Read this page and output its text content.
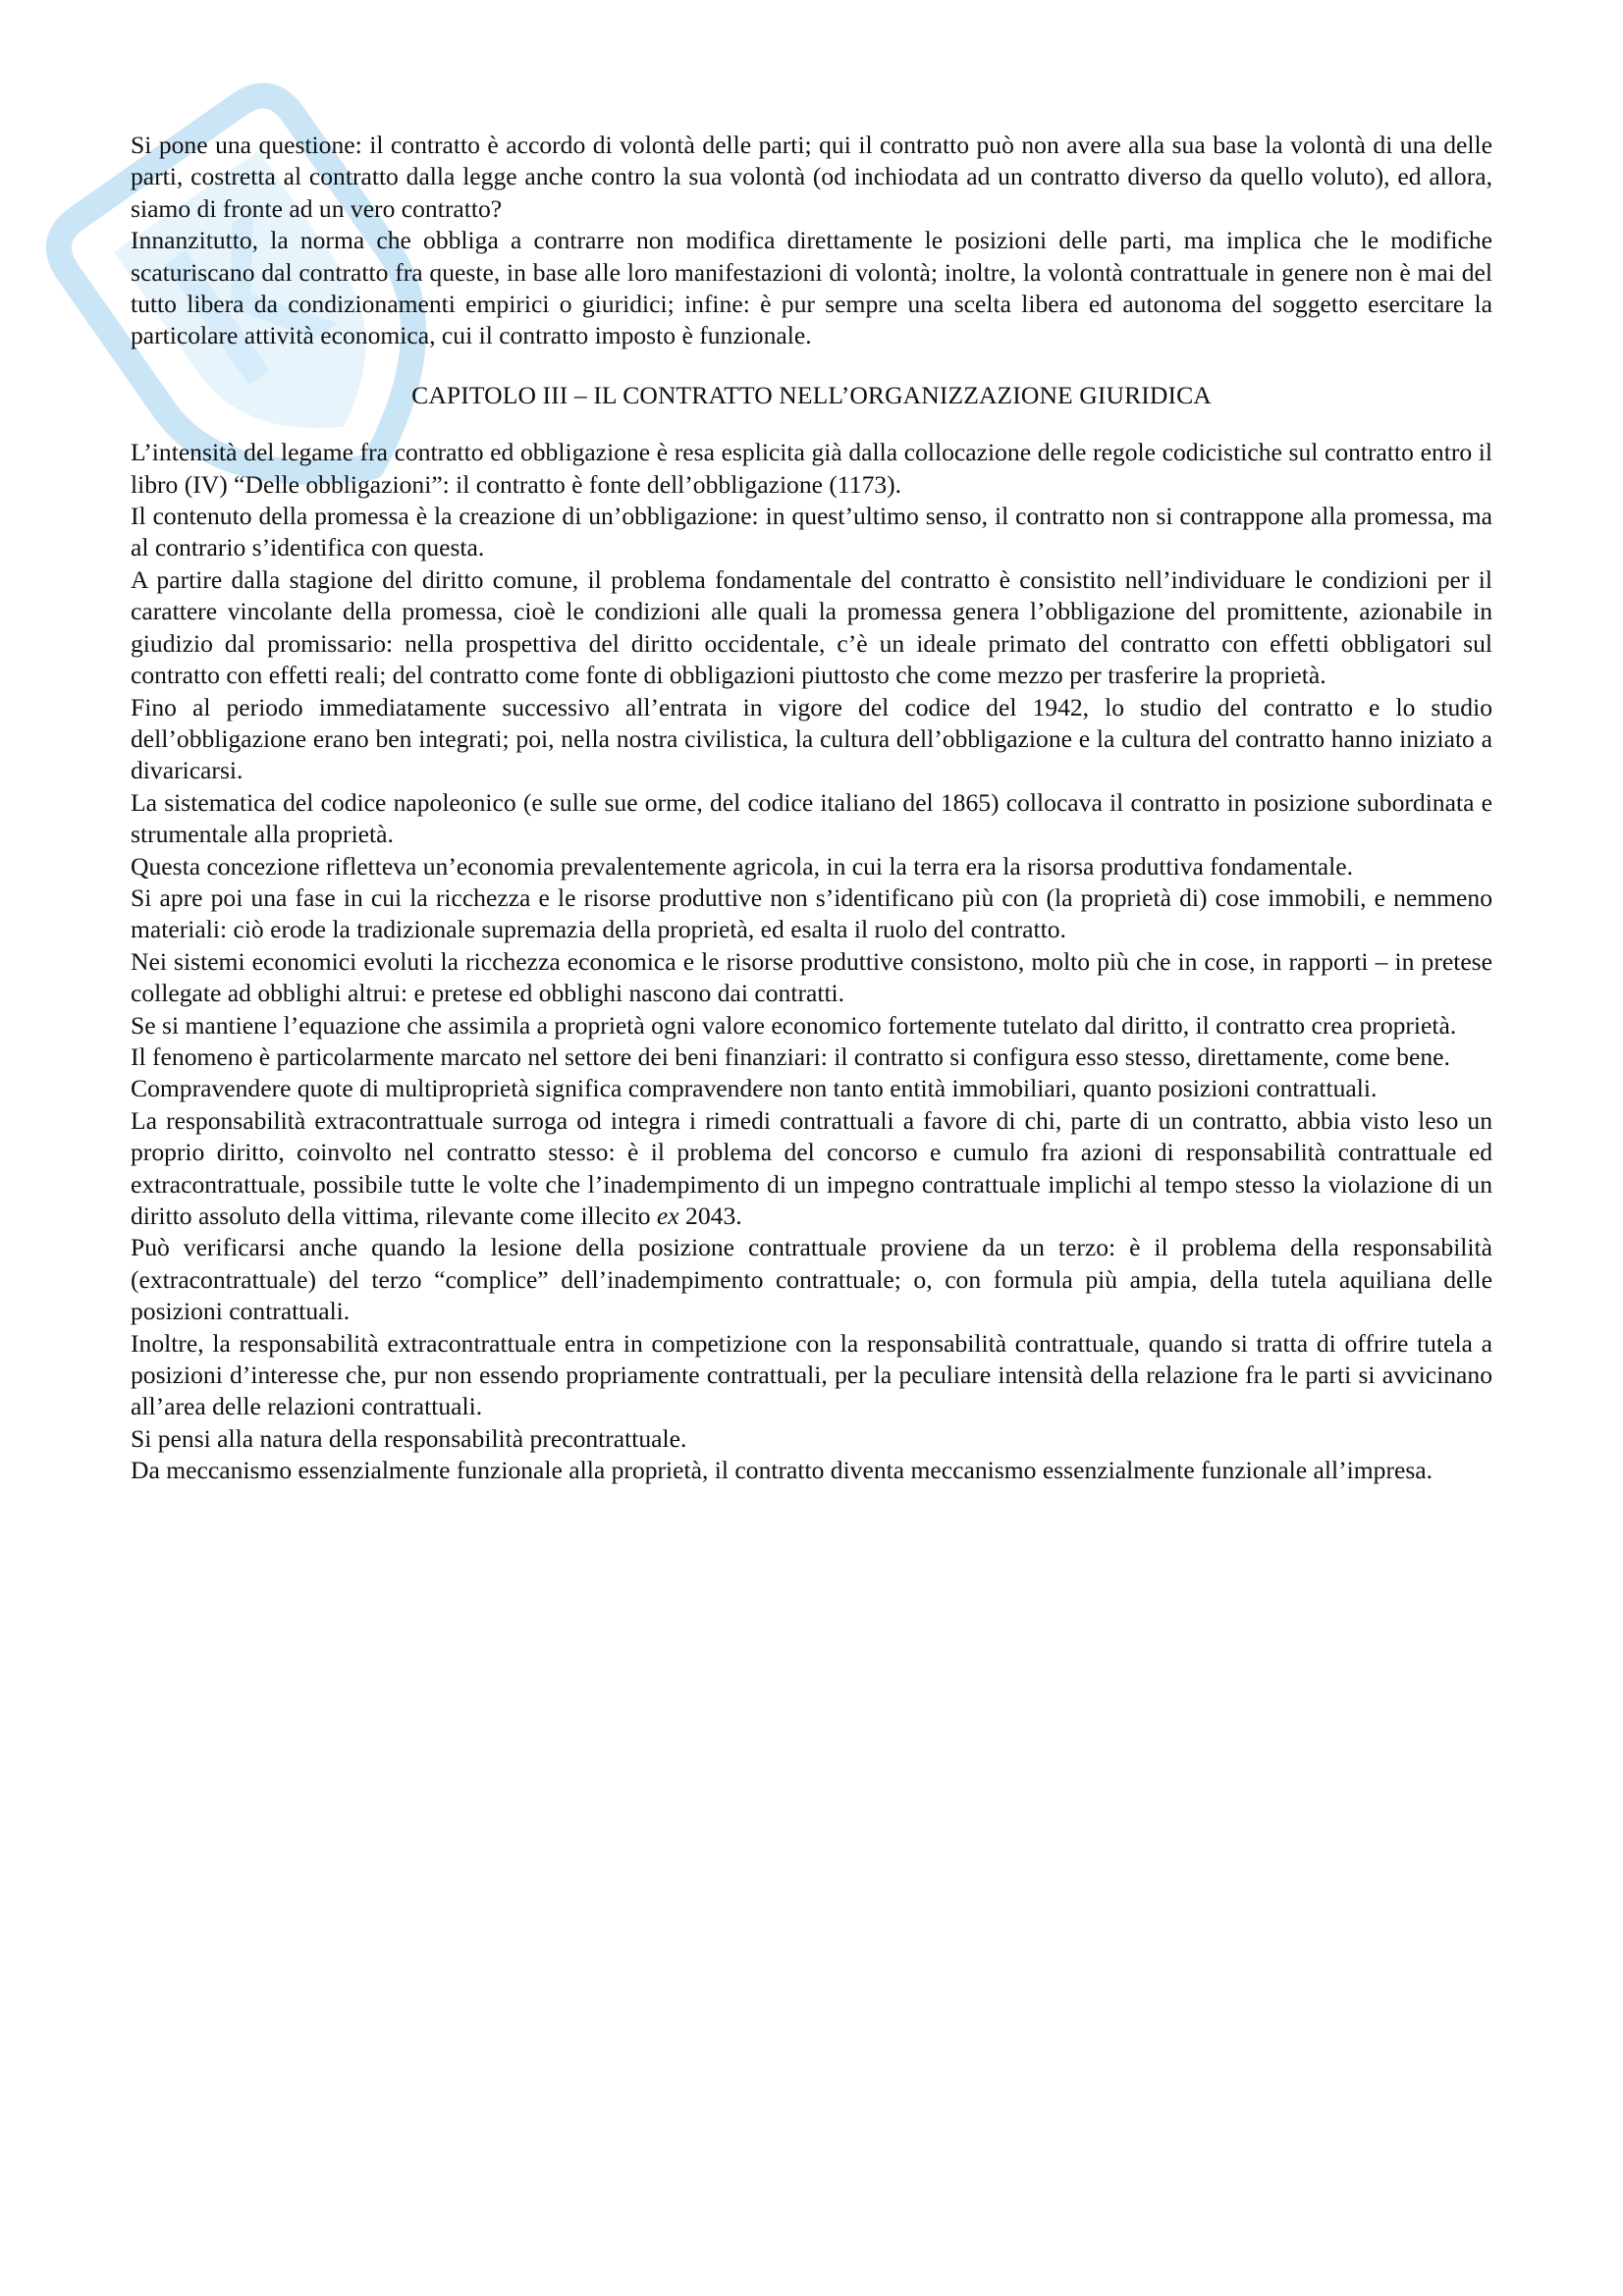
Si pone una questione: il contratto è accordo di volontà delle parti; qui il contratto può non avere alla sua base la volontà di una delle parti, costretta al contratto dalla legge anche contro la sua volontà (od inchiodata ad un contratto diverso da quello voluto), ed allora, siamo di fronte ad un vero contratto?

Innanzitutto, la norma che obbliga a contrarre non modifica direttamente le posizioni delle parti, ma implica che le modifiche scaturiscano dal contratto fra queste, in base alle loro manifestazioni di volontà; inoltre, la volontà contrattuale in genere non è mai del tutto libera da condizionamenti empirici o giuridici; infine: è pur sempre una scelta libera ed autonoma del soggetto esercitare la particolare attività economica, cui il contratto imposto è funzionale.

CAPITOLO III – IL CONTRATTO NELL’ORGANIZZAZIONE GIURIDICA

L’intensità del legame fra contratto ed obbligazione è resa esplicita già dalla collocazione delle regole codicistiche sul contratto entro il libro (IV) “Delle obbligazioni”: il contratto è fonte dell’obbligazione (1173).

Il contenuto della promessa è la creazione di un’obbligazione: in quest’ultimo senso, il contratto non si contrappone alla promessa, ma al contrario s’identifica con questa.

A partire dalla stagione del diritto comune, il problema fondamentale del contratto è consistito nell’individuare le condizioni per il carattere vincolante della promessa, cioè le condizioni alle quali la promessa genera l’obbligazione del promittente, azionabile in giudizio dal promissario: nella prospettiva del diritto occidentale, c’è un ideale primato del contratto con effetti obbligatori sul contratto con effetti reali; del contratto come fonte di obbligazioni piuttosto che come mezzo per trasferire la proprietà.

Fino al periodo immediatamente successivo all’entrata in vigore del codice del 1942, lo studio del contratto e lo studio dell’obbligazione erano ben integrati; poi, nella nostra civilistica, la cultura dell’obbligazione e la cultura del contratto hanno iniziato a divaricarsi.

La sistematica del codice napoleonico (e sulle sue orme, del codice italiano del 1865) collocava il contratto in posizione subordinata e strumentale alla proprietà.

Questa concezione rifletteva un’economia prevalentemente agricola, in cui la terra era la risorsa produttiva fondamentale.

Si apre poi una fase in cui la ricchezza e le risorse produttive non s’identificano più con (la proprietà di) cose immobili, e nemmeno materiali: ciò erode la tradizionale supremazia della proprietà, ed esalta il ruolo del contratto.

Nei sistemi economici evoluti la ricchezza economica e le risorse produttive consistono, molto più che in cose, in rapporti – in pretese collegate ad obblighi altrui: e pretese ed obblighi nascono dai contratti.

Se si mantiene l’equazione che assimila a proprietà ogni valore economico fortemente tutelato dal diritto, il contratto crea proprietà.

Il fenomeno è particolarmente marcato nel settore dei beni finanziari: il contratto si configura esso stesso, direttamente, come bene.

Compravendere quote di multiproprietà significa compravendere non tanto entità immobiliari, quanto posizioni contrattuali.

La responsabilità extracontrattuale surroga od integra i rimedi contrattuali a favore di chi, parte di un contratto, abbia visto leso un proprio diritto, coinvolto nel contratto stesso: è il problema del concorso e cumulo fra azioni di responsabilità contrattuale ed extracontrattuale, possibile tutte le volte che l’inadempimento di un impegno contrattuale implichi al tempo stesso la violazione di un diritto assoluto della vittima, rilevante come illecito ex 2043.

Può verificarsi anche quando la lesione della posizione contrattuale proviene da un terzo: è il problema della responsabilità (extracontrattuale) del terzo “complice” dell’inadempimento contrattuale; o, con formula più ampia, della tutela aquiliana delle posizioni contrattuali.

Inoltre, la responsabilità extracontrattuale entra in competizione con la responsabilità contrattuale, quando si tratta di offrire tutela a posizioni d’interesse che, pur non essendo propriamente contrattuali, per la peculiare intensità della relazione fra le parti si avvicinano all’area delle relazioni contrattuali.

Si pensi alla natura della responsabilità precontrattuale.

Da meccanismo essenzialmente funzionale alla proprietà, il contratto diventa meccanismo essenzialmente funzionale all’impresa.
